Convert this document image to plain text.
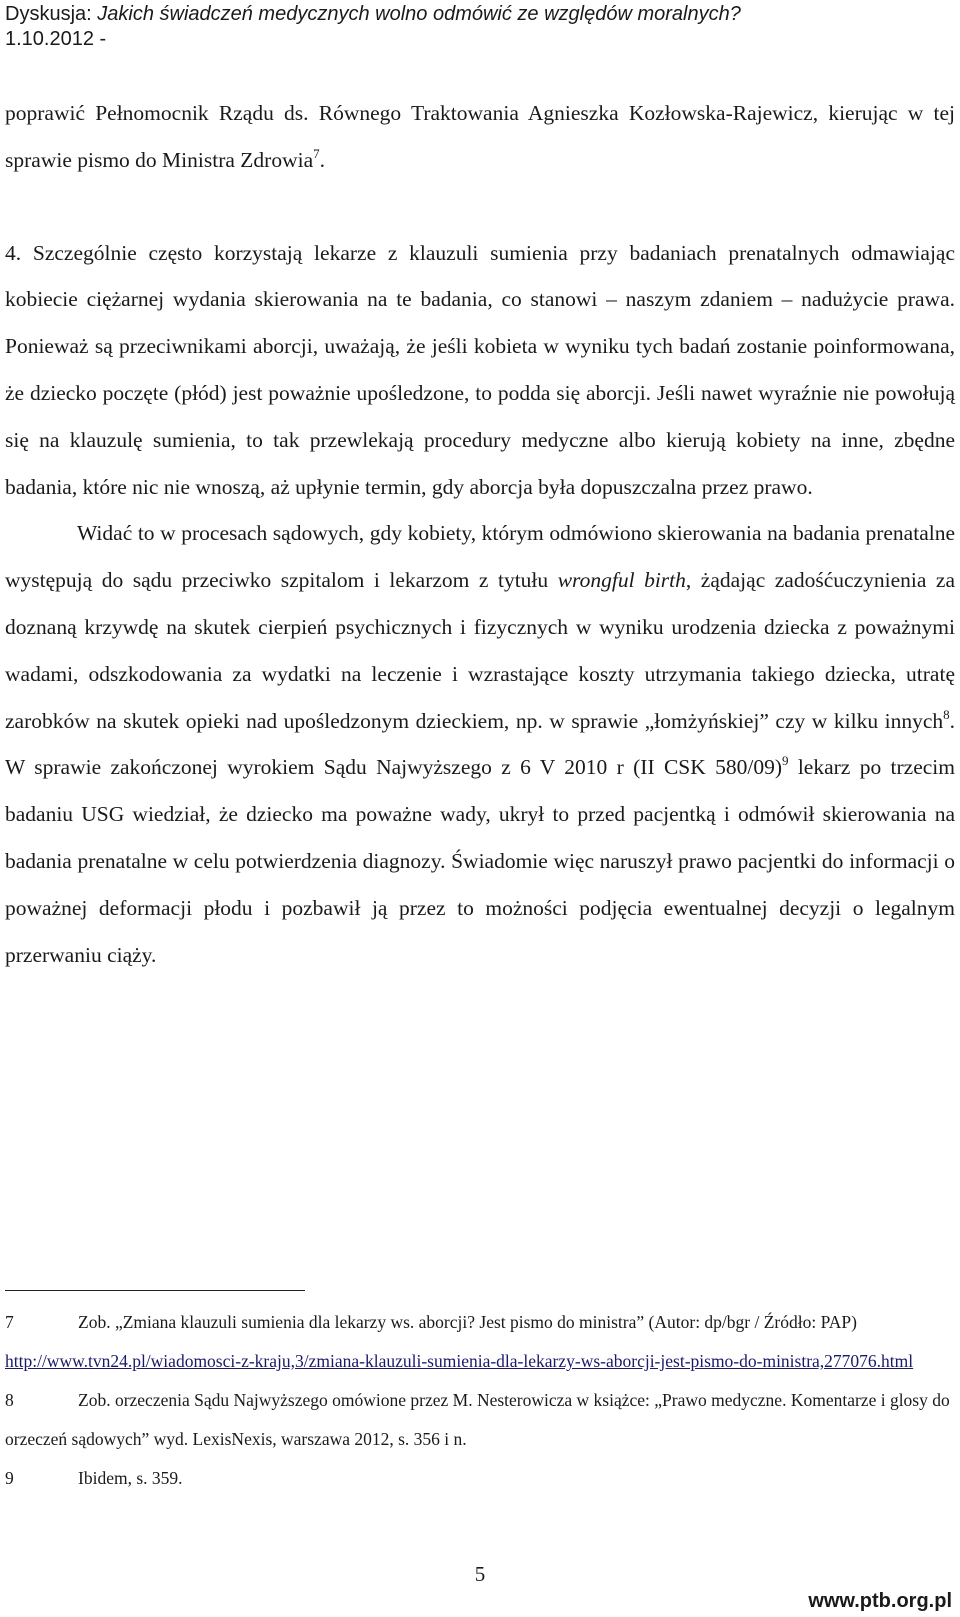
Dyskusja: Jakich świadczeń medycznych wolno odmówić ze względów moralnych?
1.10.2012 -

poprawić Pełnomocnik Rządu ds. Równego Traktowania Agnieszka Kozłowska-Rajewicz, kierując w tej sprawie pismo do Ministra Zdrowia$^7$.

4. Szczególnie często korzystają lekarze z klauzuli sumienia przy badaniach prenatalnych odmawiając kobiecie ciężarnej wydania skierowania na te badania, co stanowi – naszym zdaniem – nadużycie prawa. Ponieważ są przeciwnikami aborcji, uważają, że jeśli kobieta w wyniku tych badań zostanie poinformowana, że dziecko poczęte (płód) jest poważnie upośledzone, to podda się aborcji. Jeśli nawet wyraźnie nie powołują się na klauzulę sumienia, to tak przewlekają procedury medyczne albo kierują kobiety na inne, zbędne badania, które nic nie wnoszą, aż upłynie termin, gdy aborcja była dopuszczalna przez prawo.

Widać to w procesach sądowych, gdy kobiety, którym odmówiono skierowania na badania prenatalne występują do sądu przeciwko szpitalom i lekarzom z tytułu wrongful birth, żądając zadośćuczynienia za doznaną krzywdę na skutek cierpień psychicznych i fizycznych w wyniku urodzenia dziecka z poważnymi wadami, odszkodowania za wydatki na leczenie i wzrastające koszty utrzymania takiego dziecka, utratę zarobków na skutek opieki nad upośledzonym dzieckiem, np. w sprawie „łomżyńskiej” czy w kilku innych$^8$. W sprawie zakończonej wyrokiem Sądu Najwyższego z 6 V 2010 r (II CSK 580/09)$^9$ lekarz po trzecim badaniu USG wiedział, że dziecko ma poważne wady, ukrył to przed pacjentką i odmówił skierowania na badania prenatalne w celu potwierdzenia diagnozy. Świadomie więc naruszył prawo pacjentki do informacji o poważnej deformacji płodu i pozbawił ją przez to możności podjęcia ewentualnej decyzji o legalnym przerwaniu ciąży.

7	Zob. „Zmiana klauzuli sumienia dla lekarzy ws. aborcji? Jest pismo do ministra” (Autor: dp/bgr / Źródło: PAP) http://www.tvn24.pl/wiadomosci-z-kraju,3/zmiana-klauzuli-sumienia-dla-lekarzy-ws-aborcji-jest-pismo-do-ministra,277076.html

8	Zob. orzeczenia Sądu Najwyższego omówione przez M. Nesterowicza w książce: „Prawo medyczne. Komentarze i glosy do orzeczeń sądowych” wyd. LexisNexis, warszawa 2012, s. 356 i n.

9	Ibidem, s. 359.

5
www.ptb.org.pl
